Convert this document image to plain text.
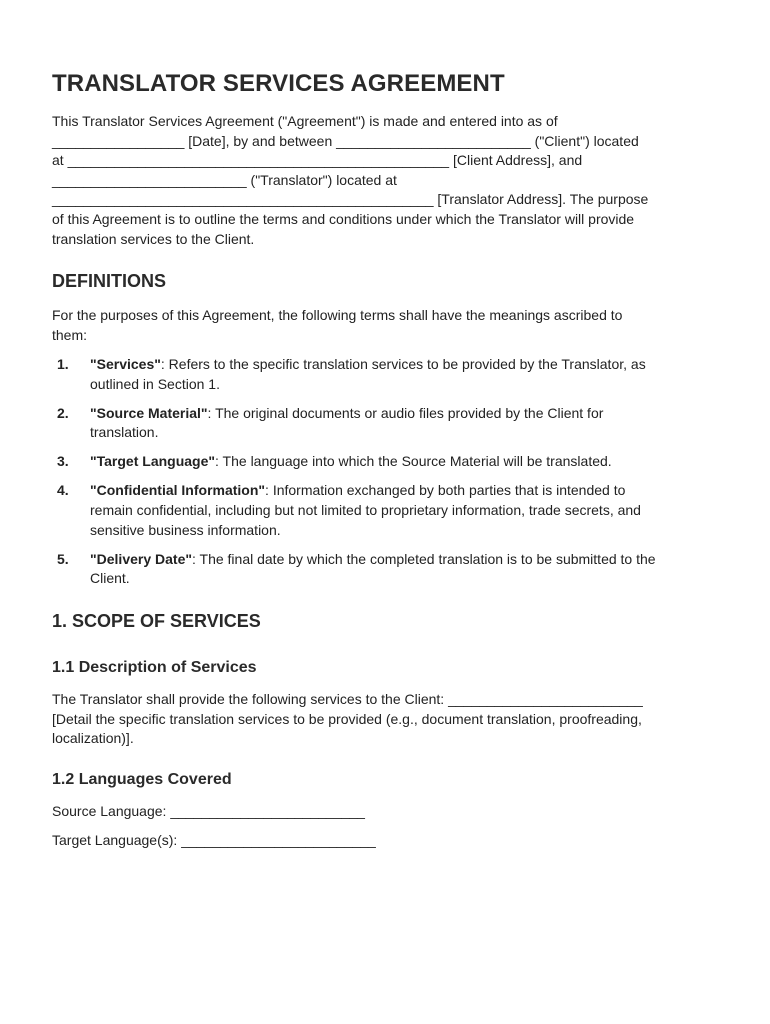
TRANSLATOR SERVICES AGREEMENT

This Translator Services Agreement ("Agreement") is made and entered into as of
_________________ [Date], by and between _________________________ ("Client") located
at _________________________________________________ [Client Address], and
_________________________ ("Translator") located at
_________________________________________________ [Translator Address]. The purpose
of this Agreement is to outline the terms and conditions under which the Translator will provide
translation services to the Client.

DEFINITIONS

For the purposes of this Agreement, the following terms shall have the meanings ascribed to
them:

1. "Services": Refers to the specific translation services to be provided by the Translator, as
outlined in Section 1.
2. "Source Material": The original documents or audio files provided by the Client for
translation.
3. "Target Language": The language into which the Source Material will be translated.
4. "Confidential Information": Information exchanged by both parties that is intended to
remain confidential, including but not limited to proprietary information, trade secrets, and
sensitive business information.
5. "Delivery Date": The final date by which the completed translation is to be submitted to the
Client.
1. SCOPE OF SERVICES
1.1 Description of Services

The Translator shall provide the following services to the Client: _________________________
[Detail the specific translation services to be provided (e.g., document translation, proofreading,
localization)].

1.2 Languages Covered

Source Language: _________________________

Target Language(s): _________________________
